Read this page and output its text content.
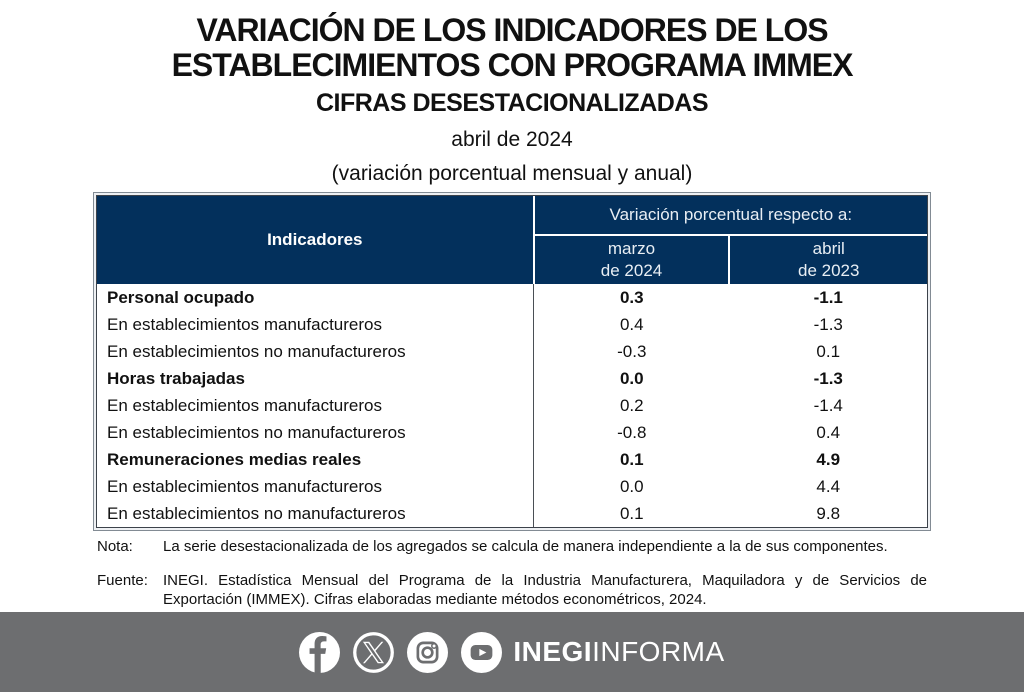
VARIACIÓN DE LOS INDICADORES DE LOS
ESTABLECIMIENTOS CON PROGRAMA IMMEX
CIFRAS DESESTACIONALIZADAS
abril de 2024
(variación porcentual mensual y anual)
Indicadores	Variación porcentual respecto a:	

marzo
de 2024

abril
de 2023

Personal ocupado	0.3	-1.1
En establecimientos manufactureros	0.4	-1.3
En establecimientos no manufactureros	-0.3	0.1
Horas trabajadas	0.0	-1.3
En establecimientos manufactureros	0.2	-1.4
En establecimientos no manufactureros	-0.8	0.4
Remuneraciones medias reales	0.1	4.9
En establecimientos manufactureros	0.0	4.4
En establecimientos no manufactureros	0.1	9.8
Nota:	La serie desestacionalizada de los agregados se calcula de manera independiente a la de sus componentes.
Fuente:	INEGI. Estadística Mensual del Programa de la Industria Manufacturera, Maquiladora y de Servicios de Exportación (IMMEX). Cifras elaboradas mediante métodos econométricos, 2024.
INEGIINFORMA
